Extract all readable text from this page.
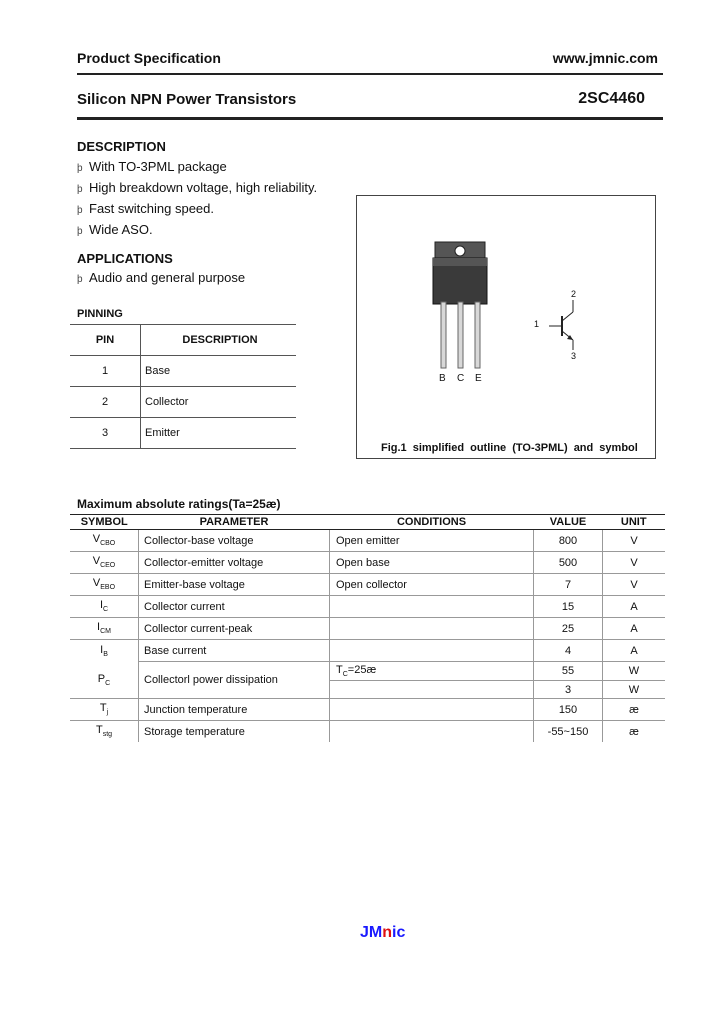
Product Specification	www.jmnic.com
Silicon NPN Power Transistors	2SC4460
DESCRIPTION
þ With TO-3PML package
þ High breakdown voltage, high reliability.
þ Fast switching speed.
þ Wide ASO.
APPLICATIONS
þ Audio and general purpose
PINNING
PIN	DESCRIPTION
1	Base
2	Collector
3	Emitter
B C E
1
2
3
Fig.1 simplified outline (TO-3PML) and symbol
Maximum absolute ratings(Ta=25æ)
SYMBOL	PARAMETER	CONDITIONS	VALUE	UNIT
$V_{CBO}$	Collector-base voltage	Open emitter	800	V
$V_{CEO}$	Collector-emitter voltage	Open base	500	V
$V_{EBO}$	Emitter-base voltage	Open collector	7	V
$I_C$	Collector current		15	A
$I_{CM}$	Collector current-peak		25	A
$I_B$	Base current		4	A
$P_C$	Collectorl power dissipation	$T_C=25æ$	55	W
			3	W
$T_j$	Junction temperature		150	æ
$T_{stg}$	Storage temperature		-55~150	æ
JMnic
